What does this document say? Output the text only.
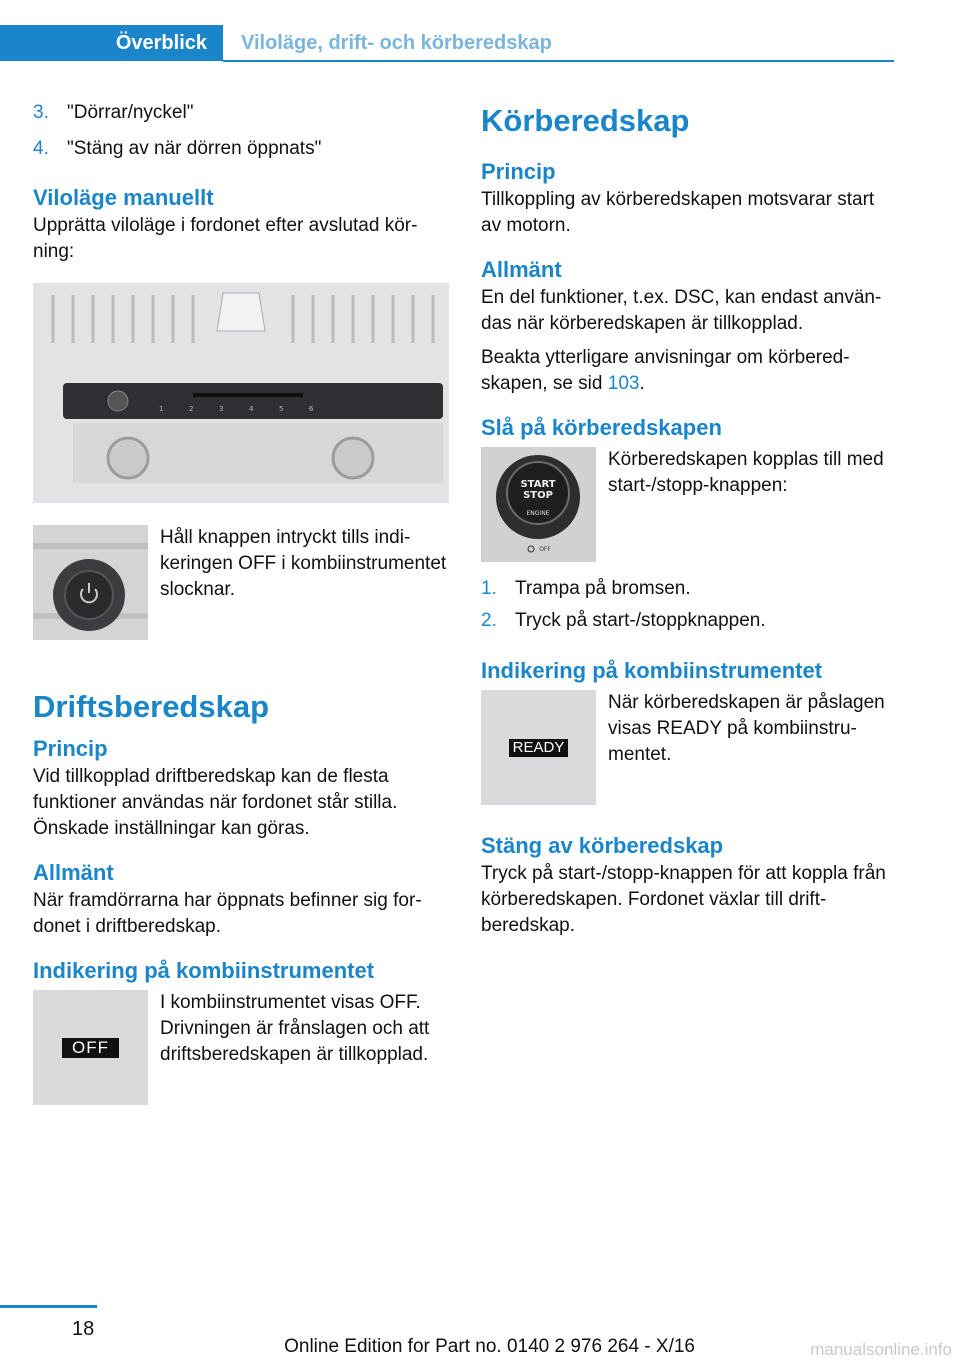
Överblick	Viloläge, drift- och körberedskap
3. "Dörrar/nyckel"
4. "Stäng av när dörren öppnats"
Viloläge manuellt
Upprätta viloläge i fordonet efter avslutad körning:
1	2	3	4	5	6
Håll knappen intryckt tills indikeringen OFF i kombiinstrumentet slocknar.
Driftsberedskap
Princip
Vid tillkopplad driftberedskap kan de flesta funktioner användas när fordonet står stilla. Önskade inställningar kan göras.
Allmänt
När framdörrarna har öppnats befinner sig fordonet i driftberedskap.
Indikering på kombiinstrumentet
OFF
I kombiinstrumentet visas OFF. Drivningen är frånslagen och att driftsberedskapen är tillkopplad.
Körberedskap
Princip
Tillkoppling av körberedskapen motsvarar start av motorn.
Allmänt
En del funktioner, t.ex. DSC, kan endast användas när körberedskapen är tillkopplad.
Beakta ytterligare anvisningar om körberedskapen, se sid 103.
Slå på körberedskapen
START
STOP
ENGINE
OFF
Körberedskapen kopplas till med start-/stopp-knappen:
1. Trampa på bromsen.
2. Tryck på start-/stoppknappen.
Indikering på kombiinstrumentet
READY
När körberedskapen är påslagen visas READY på kombiinstrumentet.
Stäng av körberedskap
Tryck på start-/stopp-knappen för att koppla från körberedskapen. Fordonet växlar till driftberedskap.
18
Online Edition for Part no. 0140 2 976 264 - X/16	manualsonline.info
